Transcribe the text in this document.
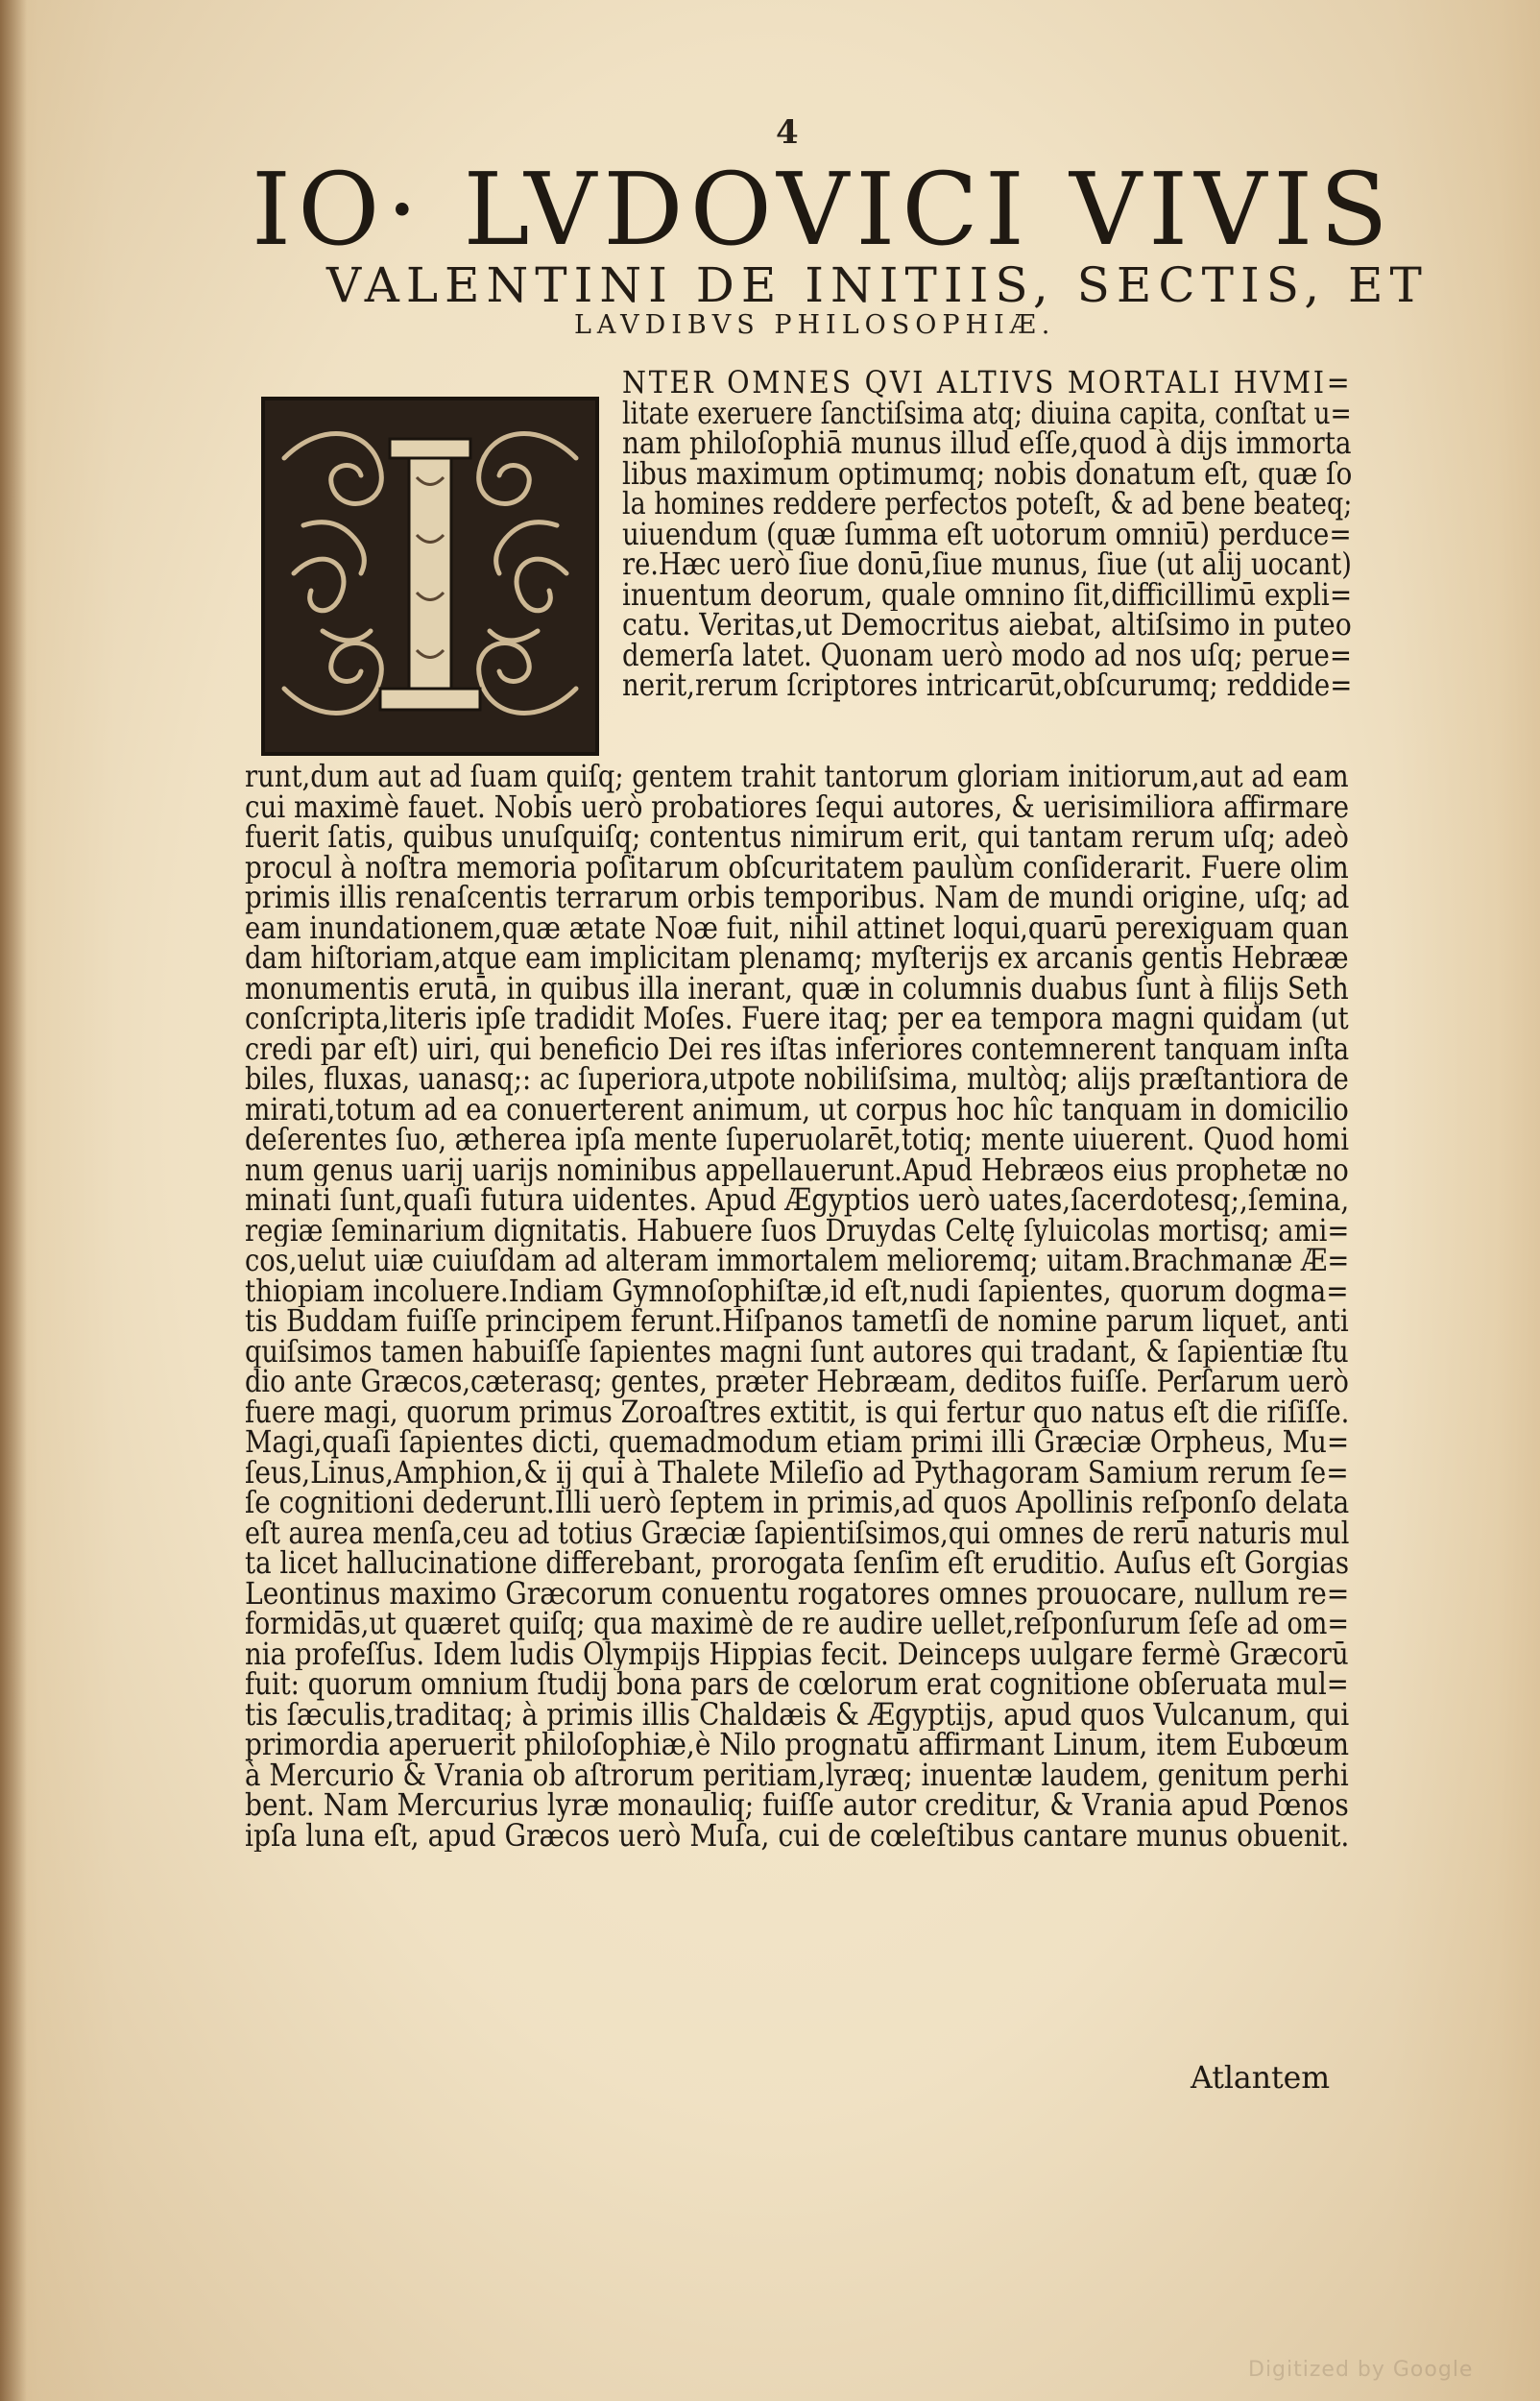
4
IO· LVDOVICI VIVIS
VALENTINI DE INITIIS, SECTIS, ET
LAVDIBVS PHILOSOPHIÆ.
NTER OMNES QVI ALTIVS MORTALI HVMI=
litate exeruere ſanctiſsima atq; diuina capita, conſtat u=
nam philoſophiā munus illud eſſe,quod à dijs immorta
libus maximum optimumq; nobis donatum eſt, quæ ſo
la homines reddere perfectos poteſt, & ad bene beateq;
uiuendum (quæ ſumma eſt uotorum omniū) perduce=
re.Hæc uerò ſiue donū,ſiue munus, ſiue (ut alij uocant)
inuentum deorum, quale omnino ſit,difficillimū expli=
catu. Veritas,ut Democritus aiebat, altiſsimo in puteo
demerſa latet. Quonam uerò modo ad nos uſq; perue=
nerit,rerum ſcriptores intricarūt,obſcurumq; reddide=
runt,dum aut ad ſuam quiſq; gentem trahit tantorum gloriam initiorum,aut ad eam
cui maximè fauet. Nobis uerò probatiores ſequi autores, & uerisimiliora affirmare
fuerit ſatis, quibus unuſquiſq; contentus nimirum erit, qui tantam rerum uſq; adeò
procul à noſtra memoria poſitarum obſcuritatem paulùm conſiderarit. Fuere olim
primis illis renaſcentis terrarum orbis temporibus. Nam de mundi origine, uſq; ad
eam inundationem,quæ ætate Noæ fuit, nihil attinet loqui,quarū perexiguam quan
dam hiſtoriam,atque eam implicitam plenamq; myſterijs ex arcanis gentis Hebrææ
monumentis erutā, in quibus illa inerant, quæ in columnis duabus ſunt à filijs Seth
conſcripta,literis ipſe tradidit Moſes. Fuere itaq; per ea tempora magni quidam (ut
credi par eſt) uiri, qui beneficio Dei res iſtas inferiores contemnerent tanquam inſta
biles, fluxas, uanasq;: ac ſuperiora,utpote nobiliſsima, multòq; alijs præſtantiora de
mirati,totum ad ea conuerterent animum, ut corpus hoc hîc tanquam in domicilio
deſerentes ſuo, ætherea ipſa mente ſuperuolarēt,totiq; mente uiuerent. Quod homi
num genus uarij uarijs nominibus appellauerunt.Apud Hebræos eius prophetæ no
minati ſunt,quaſi futura uidentes. Apud Ægyptios uerò uates,ſacerdotesq;,ſemina,
regiæ ſeminarium dignitatis. Habuere ſuos Druydas Celtę ſyluicolas mortisq; ami=
cos,uelut uiæ cuiuſdam ad alteram immortalem melioremq; uitam.Brachmanæ Æ=
thiopiam incoluere.Indiam Gymnoſophiſtæ,id eſt,nudi ſapientes, quorum dogma=
tis Buddam fuiſſe principem ferunt.Hiſpanos tametſi de nomine parum liquet, anti
quiſsimos tamen habuiſſe ſapientes magni ſunt autores qui tradant, & ſapientiæ ſtu
dio ante Græcos,cæterasq; gentes, præter Hebræam, deditos fuiſſe. Perſarum uerò
fuere magi, quorum primus Zoroaſtres extitit, is qui fertur quo natus eſt die riſiſſe.
Magi,quaſi ſapientes dicti, quemadmodum etiam primi illi Græciæ Orpheus, Mu=
ſeus,Linus,Amphion,& ij qui à Thalete Mileſio ad Pythagoram Samium rerum ſe=
ſe cognitioni dederunt.Illi uerò ſeptem in primis,ad quos Apollinis reſponſo delata
eſt aurea menſa,ceu ad totius Græciæ ſapientiſsimos,qui omnes de rerū naturis mul
ta licet hallucinatione differebant, prorogata ſenſim eſt eruditio. Auſus eſt Gorgias
Leontinus maximo Græcorum conuentu rogatores omnes prouocare, nullum re=
formidās,ut quæret quiſq; qua maximè de re audire uellet,reſponſurum ſeſe ad om=
nia profeſſus. Idem ludis Olympijs Hippias fecit. Deinceps uulgare fermè Græcorū
fuit: quorum omnium ſtudij bona pars de cœlorum erat cognitione obſeruata mul=
tis ſæculis,traditaq; à primis illis Chaldæis & Ægyptijs, apud quos Vulcanum, qui
primordia aperuerit philoſophiæ,è Nilo prognatū affirmant Linum, item Eubœum
à Mercurio & Vrania ob aſtrorum peritiam,lyræq; inuentæ laudem, genitum perhi
bent. Nam Mercurius lyræ monauliq; fuiſſe autor creditur, & Vrania apud Pœnos
ipſa luna eſt, apud Græcos uerò Muſa, cui de cœleſtibus cantare munus obuenit.
Atlantem
Digitized by Google
